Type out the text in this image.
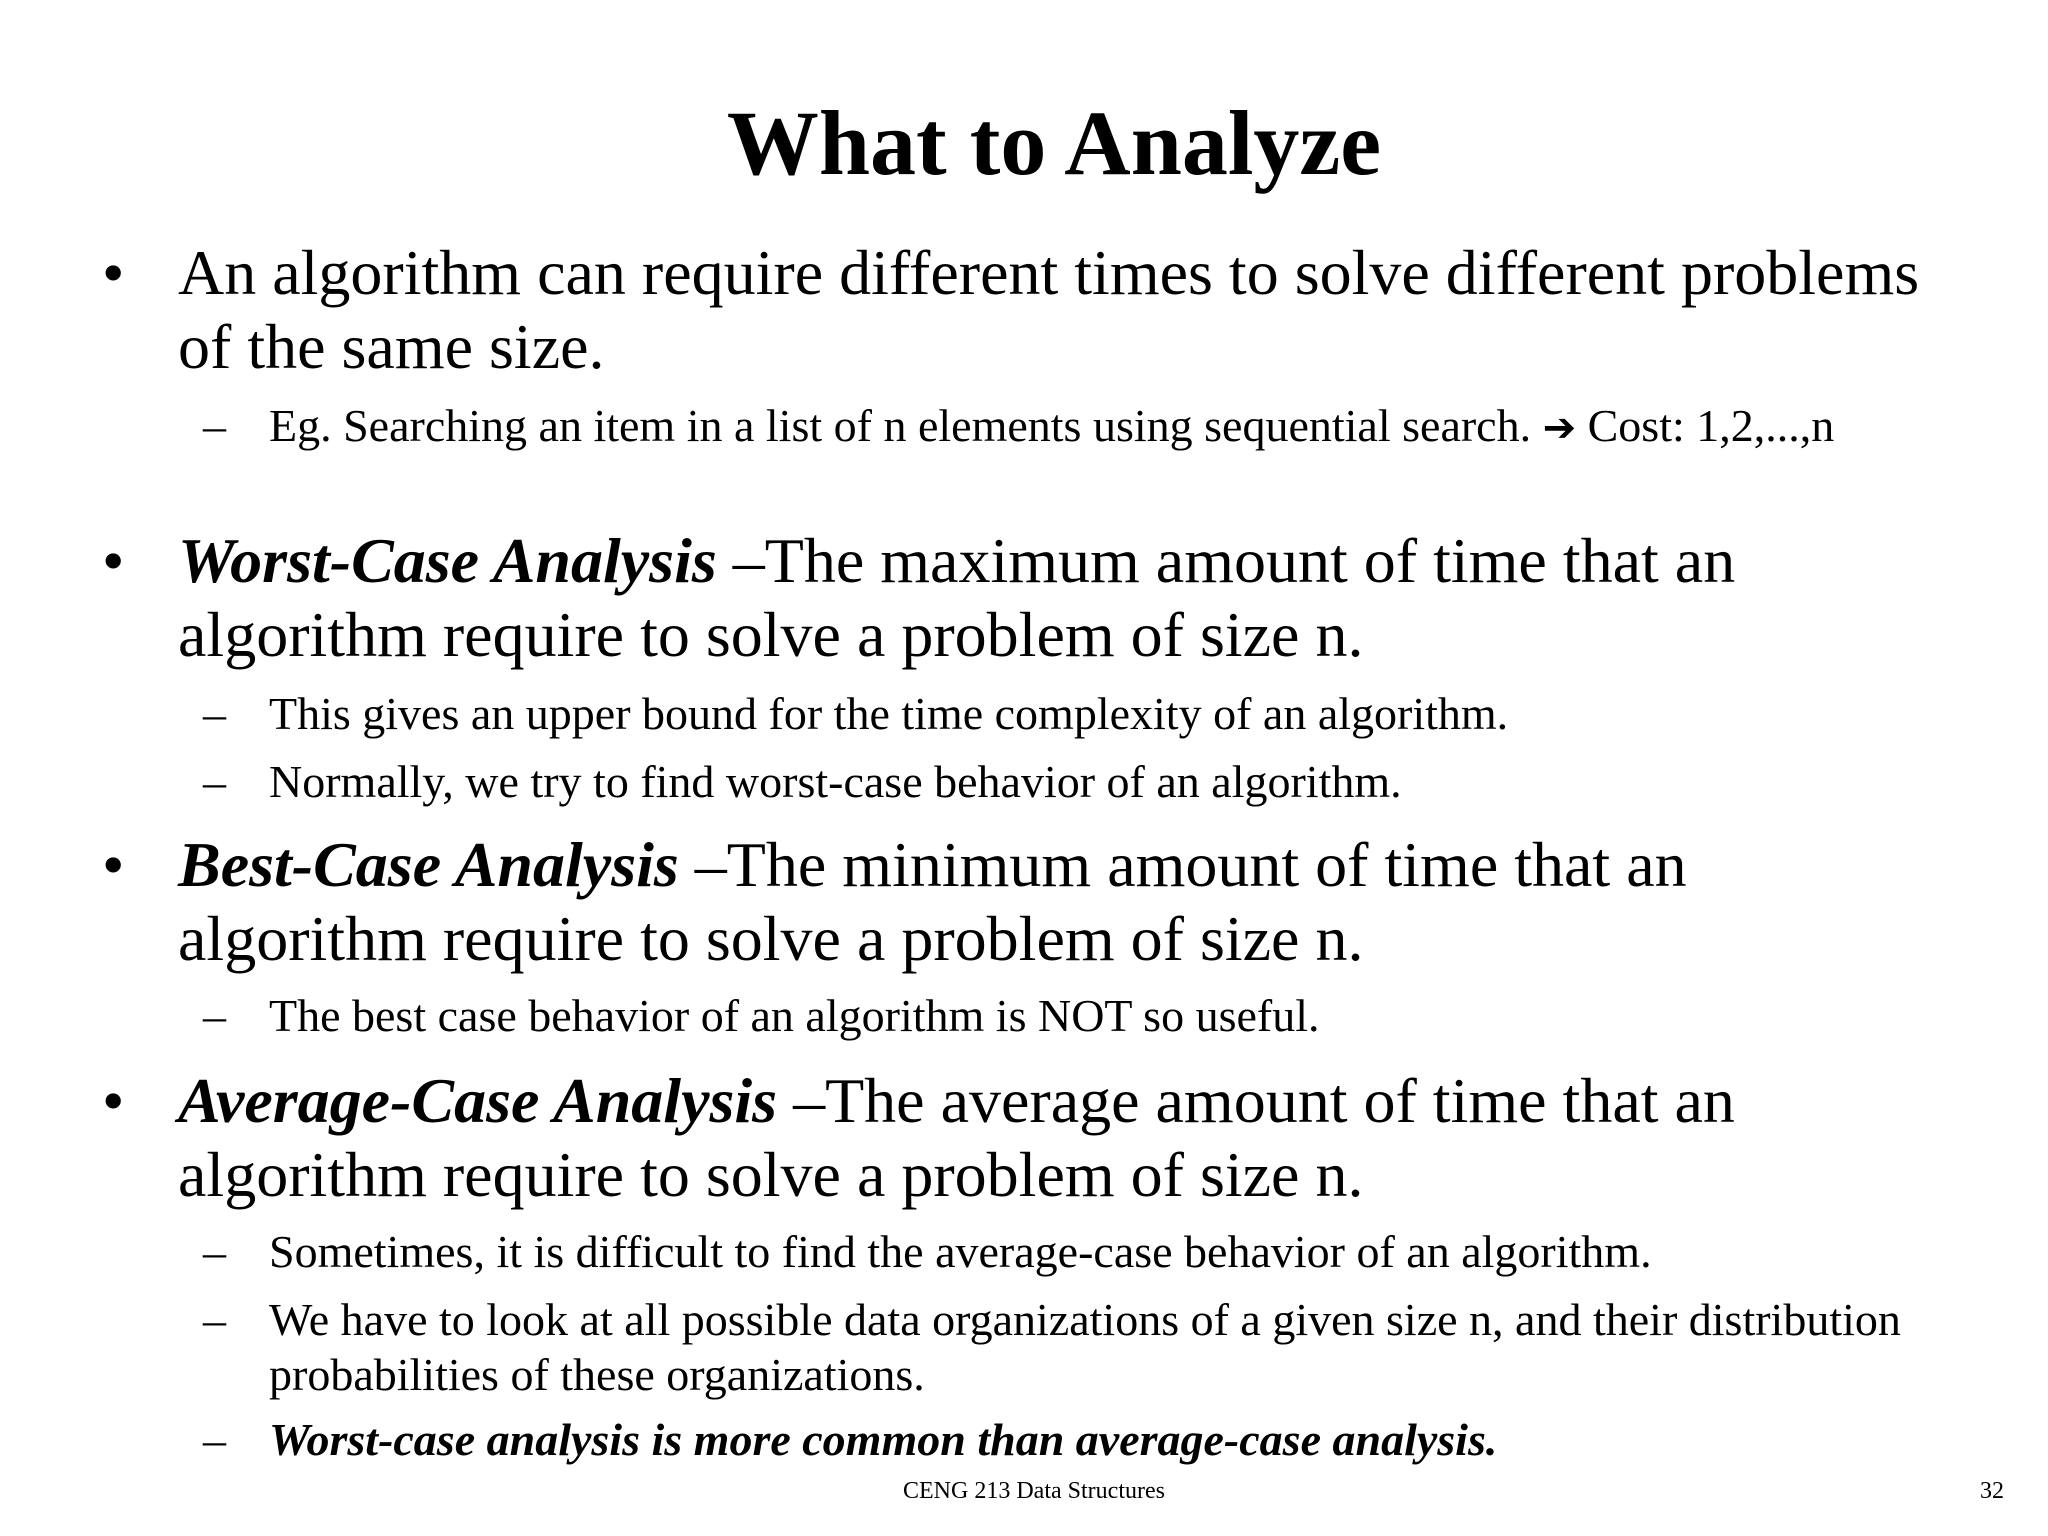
What to Analyze
• An algorithm can require different times to solve different problems of the same size.
– Eg. Searching an item in a list of n elements using sequential search. ➔ Cost: 1,2,...,n
• Worst-Case Analysis –The maximum amount of time that an algorithm require to solve a problem of size n.
– This gives an upper bound for the time complexity of an algorithm.
– Normally, we try to find worst-case behavior of an algorithm.
• Best-Case Analysis –The minimum amount of time that an algorithm require to solve a problem of size n.
– The best case behavior of an algorithm is NOT so useful.
• Average-Case Analysis –The average amount of time that an algorithm require to solve a problem of size n.
– Sometimes, it is difficult to find the average-case behavior of an algorithm.
– We have to look at all possible data organizations of a given size n, and their distribution probabilities of these organizations.
– Worst-case analysis is more common than average-case analysis.
CENG 213 Data Structures	32
